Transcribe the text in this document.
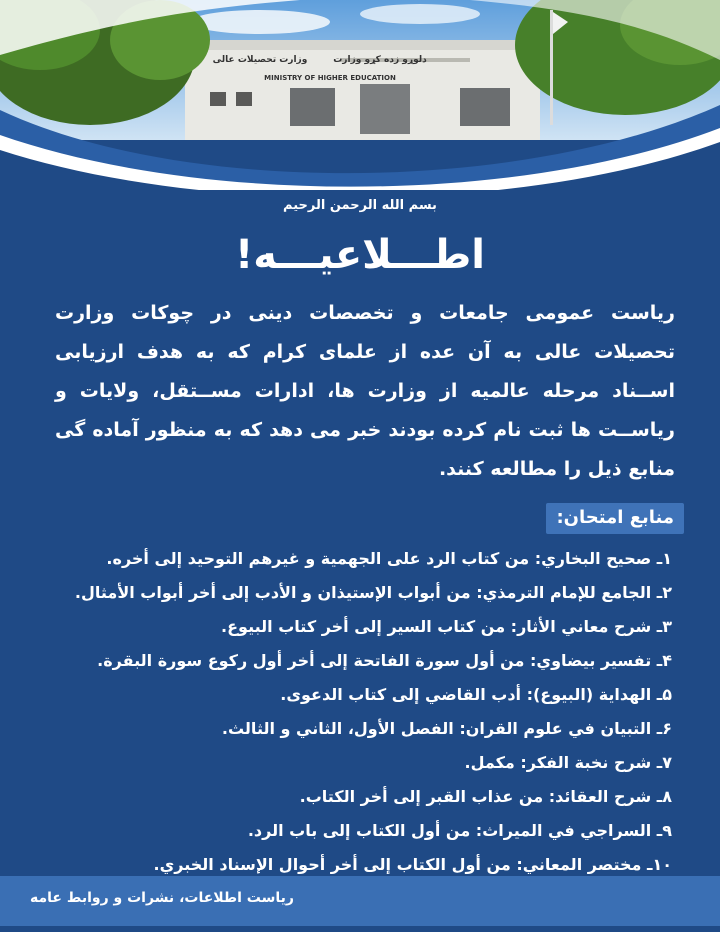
دلوړو زده کړو وزارت
وزارت تحصیلات عالی
MINISTRY OF HIGHER EDUCATION
بسم الله الرحمن الرحیم
اطـــلاعیـــه!
ریاست عمومی جامعات و تخصصات دینی در چوکات وزارت تحصیلات عالی به آن عده از علمای کرام که به هدف ارزیابی اســناد مرحله عالمیه از وزارت ها، ادارات مســتقل، ولایات و ریاســت ها ثبت نام کرده بودند خبر می دهد که به منظور آماده گی منابع ذیل را مطالعه کنند.
منابع امتحان:
١ـ صحيح البخاري: من كتاب الرد على الجهمية و غيرهم التوحيد إلى أخره.
٢ـ الجامع للإمام الترمذي: من أبواب الإستيذان و الأدب إلى أخر أبواب الأمثال.
٣ـ شرح معاني الأثار: من كتاب السير إلى أخر كتاب البيوع.
۴ـ تفسير بيضاوي: من أول سورة الفاتحة إلى أخر أول ركوع سورة البقرة.
۵ـ الهداية (البيوع): أدب القاضي إلى كتاب الدعوى.
۶ـ التبيان في علوم القران: الفصل الأول، الثاني و الثالث.
٧ـ شرح نخبة الفكر: مكمل.
٨ـ شرح العقائد: من عذاب القبر إلى أخر الكتاب.
٩ـ السراجي في الميراث: من أول الكتاب إلى باب الرد.
١٠ـ مختصر المعاني: من أول الكتاب إلى أخر أحوال الإسناد الخبري.
ریاست اطلاعات، نشرات و روابط عامه
